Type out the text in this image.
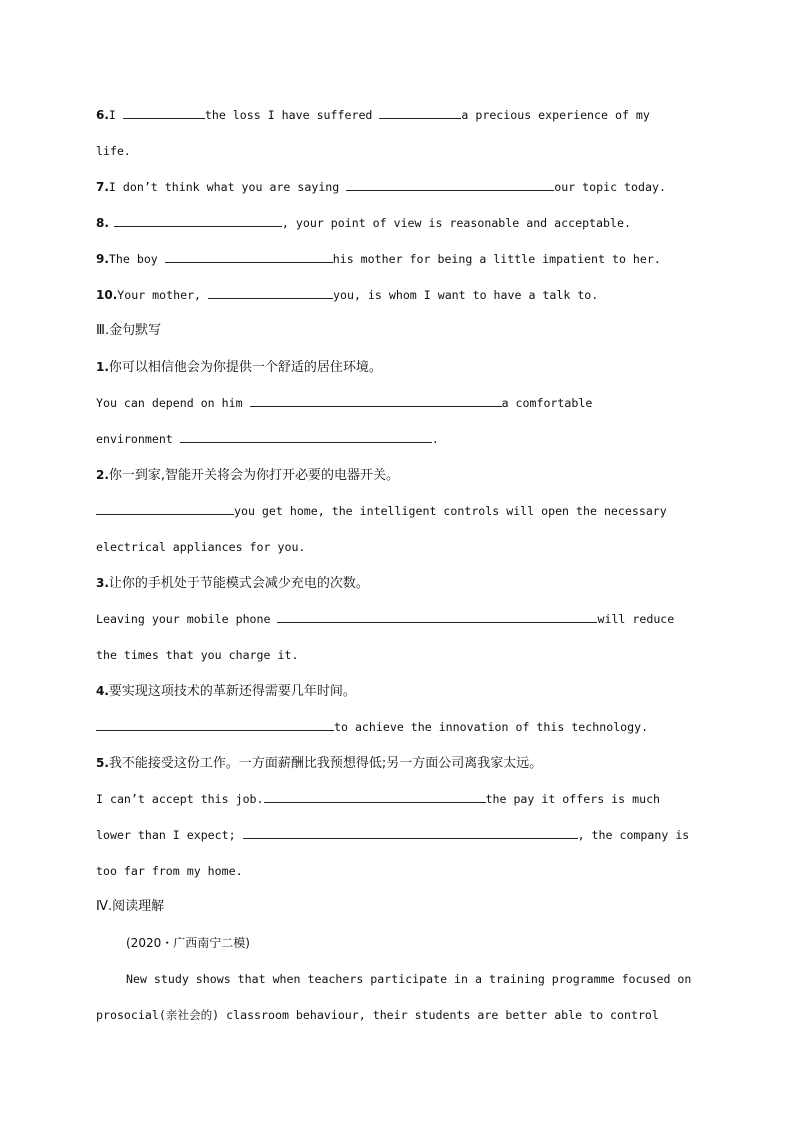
6.I	the loss I have suffered	a precious experience of my
life.
7.I don’t think what you are saying	our topic today.
8.	, your point of view is reasonable and acceptable.
9.The boy	his mother for being a little impatient to her.
10.Your mother,	you, is whom I want to have a talk to.
Ⅲ.金句默写
1.你可以相信他会为你提供一个舒适的居住环境。
You can depend on him	a comfortable
environment	.
2.你一到家,智能开关将会为你打开必要的电器开关。
you get home, the intelligent controls will open the necessary
electrical appliances for you.
3.让你的手机处于节能模式会减少充电的次数。
Leaving your mobile phone	will reduce
the times that you charge it.
4.要实现这项技术的革新还得需要几年时间。
to achieve the innovation of this technology.
5.我不能接受这份工作。一方面薪酬比我预想得低;另一方面公司离我家太远。
I can’t accept this job.	the pay it offers is much
lower than I expect;	, the company is
too far from my home.
Ⅳ.阅读理解
(2020・广西南宁二模)
New study shows that when teachers participate in a training programme focused on
prosocial(亲社会的) classroom behaviour, their students are better able to control
